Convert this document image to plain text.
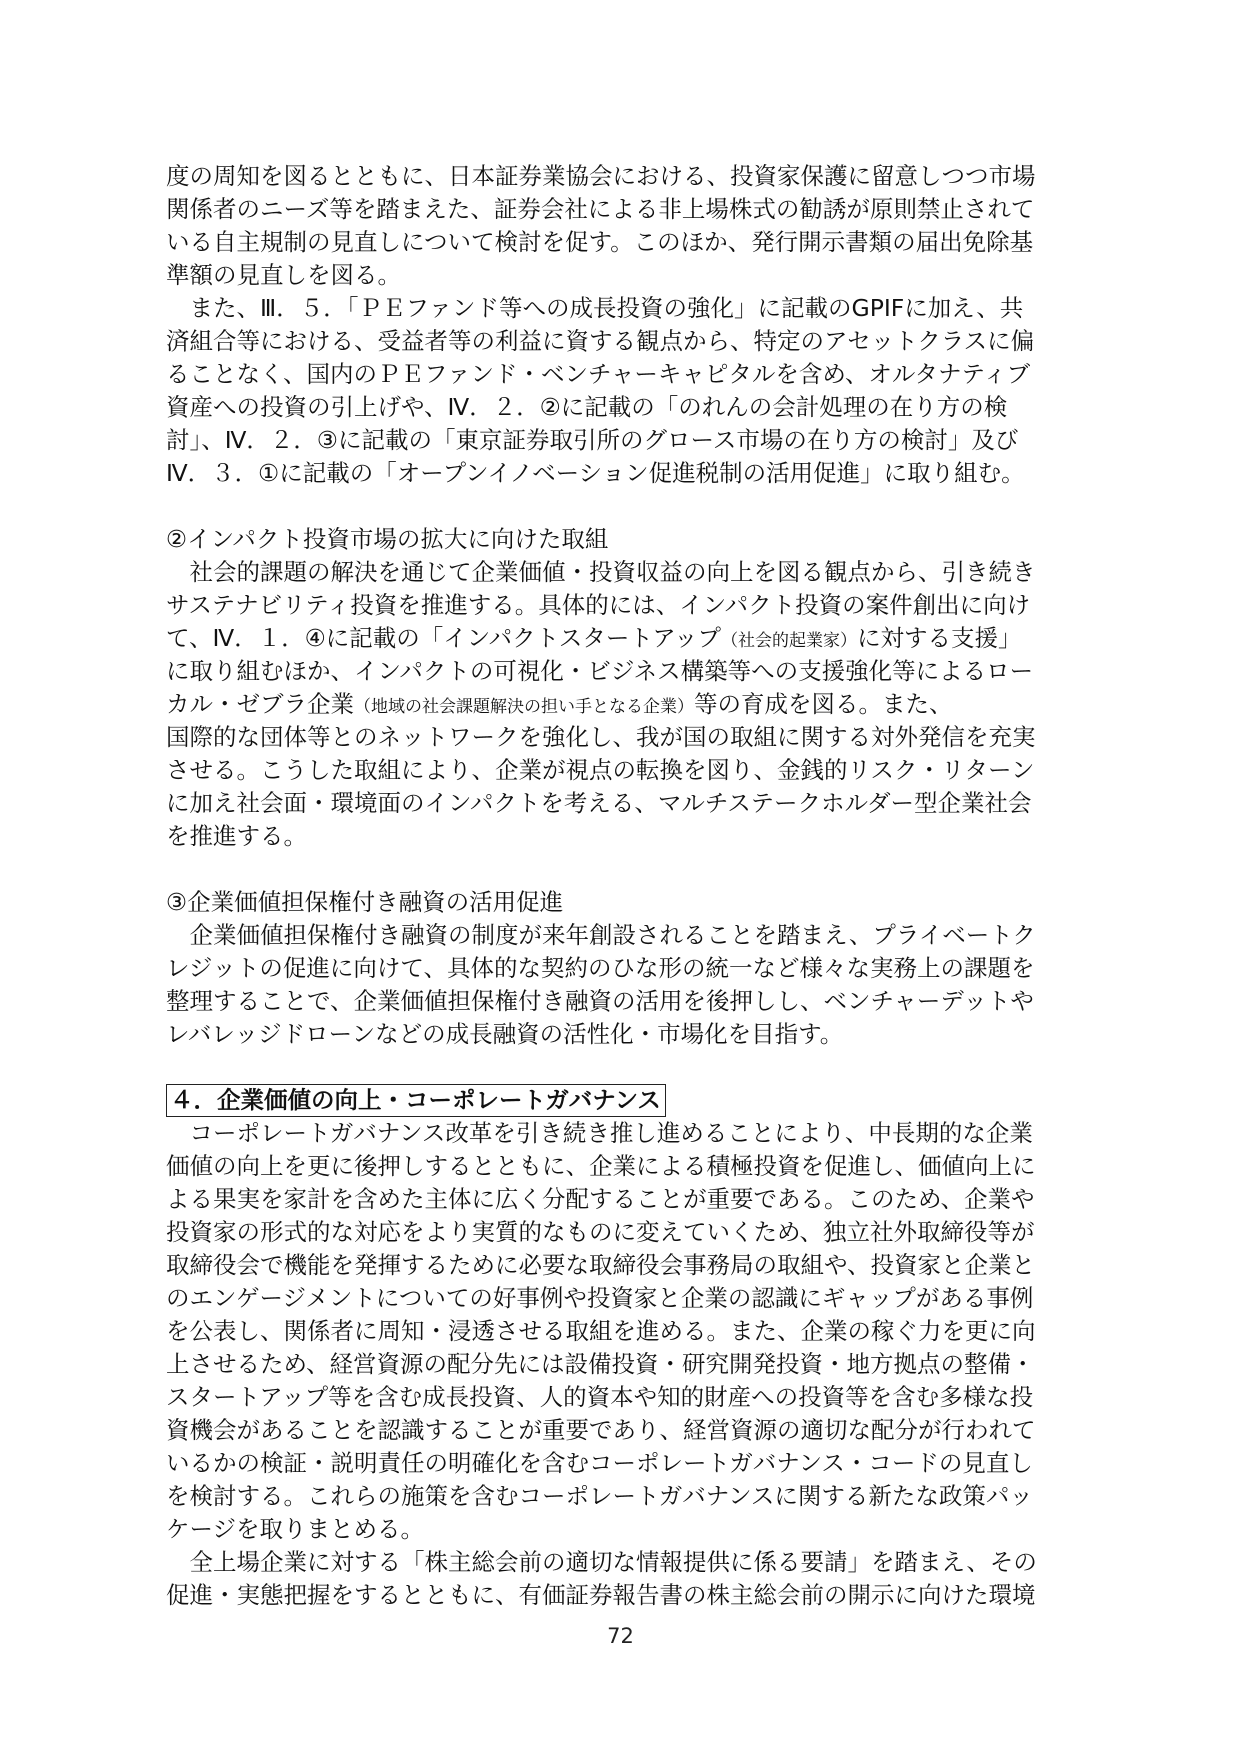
度の周知を図るとともに、日本証券業協会における、投資家保護に留意しつつ市場
関係者のニーズ等を踏まえた、証券会社による非上場株式の勧誘が原則禁止されて
いる自主規制の見直しについて検討を促す。このほか、発行開示書類の届出免除基
準額の見直しを図る。
　また、Ⅲ．５．「ＰＥファンド等への成長投資の強化」に記載のGPIFに加え、共
済組合等における、受益者等の利益に資する観点から、特定のアセットクラスに偏
ることなく、国内のＰＥファンド・ベンチャーキャピタルを含め、オルタナティブ
資産への投資の引上げや、Ⅳ．２．②に記載の「のれんの会計処理の在り方の検
討」、Ⅳ．２．③に記載の「東京証券取引所のグロース市場の在り方の検討」及び
Ⅳ．３．①に記載の「オープンイノベーション促進税制の活用促進」に取り組む。
②インパクト投資市場の拡大に向けた取組
　社会的課題の解決を通じて企業価値・投資収益の向上を図る観点から、引き続き
サステナビリティ投資を推進する。具体的には、インパクト投資の案件創出に向け
て、Ⅳ．１．④に記載の「インパクトスタートアップ（社会的起業家）に対する支援」
に取り組むほか、インパクトの可視化・ビジネス構築等への支援強化等によるロー
カル・ゼブラ企業（地域の社会課題解決の担い手となる企業）等の育成を図る。また、
国際的な団体等とのネットワークを強化し、我が国の取組に関する対外発信を充実
させる。こうした取組により、企業が視点の転換を図り、金銭的リスク・リターン
に加え社会面・環境面のインパクトを考える、マルチステークホルダー型企業社会
を推進する。
③企業価値担保権付き融資の活用促進
　企業価値担保権付き融資の制度が来年創設されることを踏まえ、プライベートク
レジットの促進に向けて、具体的な契約のひな形の統一など様々な実務上の課題を
整理することで、企業価値担保権付き融資の活用を後押しし、ベンチャーデットや
レバレッジドローンなどの成長融資の活性化・市場化を目指す。
４．企業価値の向上・コーポレートガバナンス
　コーポレートガバナンス改革を引き続き推し進めることにより、中長期的な企業
価値の向上を更に後押しするとともに、企業による積極投資を促進し、価値向上に
よる果実を家計を含めた主体に広く分配することが重要である。このため、企業や
投資家の形式的な対応をより実質的なものに変えていくため、独立社外取締役等が
取締役会で機能を発揮するために必要な取締役会事務局の取組や、投資家と企業と
のエンゲージメントについての好事例や投資家と企業の認識にギャップがある事例
を公表し、関係者に周知・浸透させる取組を進める。また、企業の稼ぐ力を更に向
上させるため、経営資源の配分先には設備投資・研究開発投資・地方拠点の整備・
スタートアップ等を含む成長投資、人的資本や知的財産への投資等を含む多様な投
資機会があることを認識することが重要であり、経営資源の適切な配分が行われて
いるかの検証・説明責任の明確化を含むコーポレートガバナンス・コードの見直し
を検討する。これらの施策を含むコーポレートガバナンスに関する新たな政策パッ
ケージを取りまとめる。
　全上場企業に対する「株主総会前の適切な情報提供に係る要請」を踏まえ、その
促進・実態把握をするとともに、有価証券報告書の株主総会前の開示に向けた環境
72
